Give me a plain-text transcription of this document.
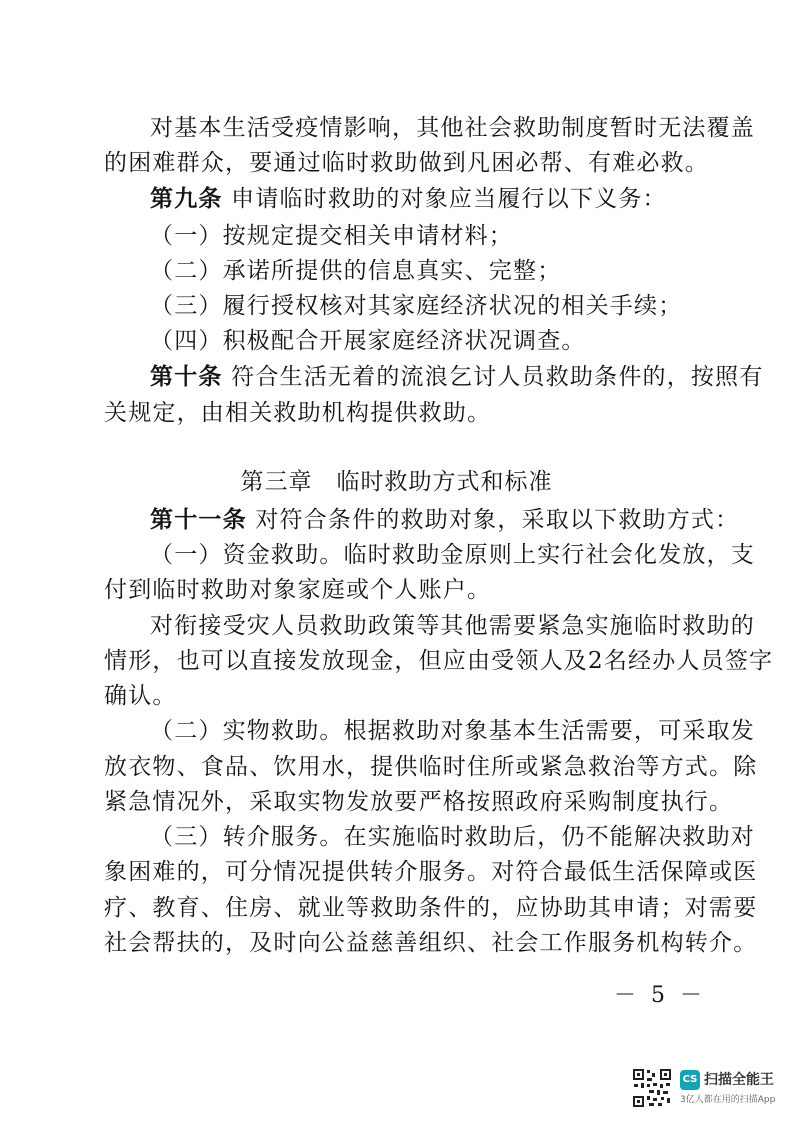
对基本生活受疫情影响，其他社会救助制度暂时无法覆盖
的困难群众，要通过临时救助做到凡困必帮、有难必救。
第九条 申请临时救助的对象应当履行以下义务：
（一）按规定提交相关申请材料；
（二）承诺所提供的信息真实、完整；
（三）履行授权核对其家庭经济状况的相关手续；
（四）积极配合开展家庭经济状况调查。
第十条 符合生活无着的流浪乞讨人员救助条件的，按照有
关规定，由相关救助机构提供救助。
第三章　临时救助方式和标准
第十一条 对符合条件的救助对象，采取以下救助方式：
（一）资金救助。临时救助金原则上实行社会化发放，支
付到临时救助对象家庭或个人账户。
对衔接受灾人员救助政策等其他需要紧急实施临时救助的
情形，也可以直接发放现金，但应由受领人及2名经办人员签字
确认。
（二）实物救助。根据救助对象基本生活需要，可采取发
放衣物、食品、饮用水，提供临时住所或紧急救治等方式。除
紧急情况外，采取实物发放要严格按照政府采购制度执行。
（三）转介服务。在实施临时救助后，仍不能解决救助对
象困难的，可分情况提供转介服务。对符合最低生活保障或医
疗、教育、住房、就业等救助条件的，应协助其申请；对需要
社会帮扶的，及时向公益慈善组织、社会工作服务机构转介。
－ 5 －
CS 扫描全能王
3亿人都在用的扫描App
